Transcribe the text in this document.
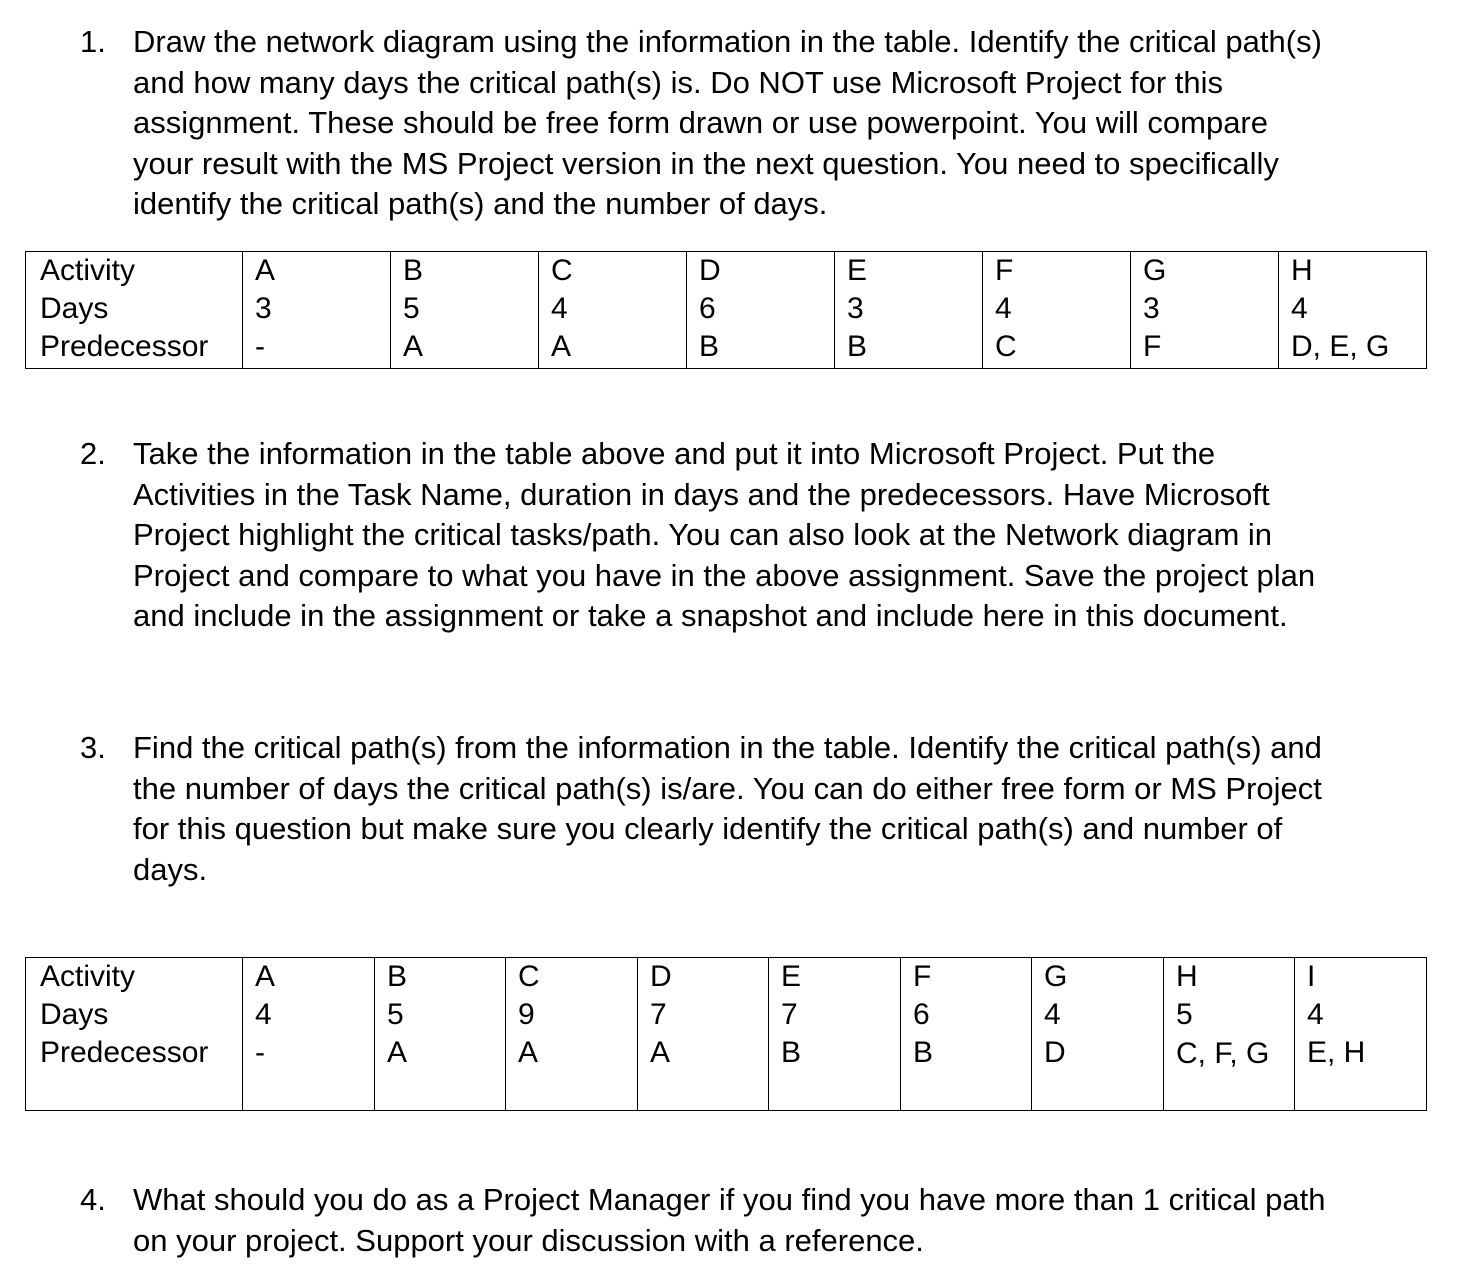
1. Draw the network diagram using the information in the table. Identify the critical path(s)
and how many days the critical path(s) is. Do NOT use Microsoft Project for this
assignment. These should be free form drawn or use powerpoint. You will compare
your result with the MS Project version in the next question. You need to specifically
identify the critical path(s) and the number of days.
Activity	A	B	C	D	E	F	G	H
Days	3	5	4	6	3	4	3	4
Predecessor	-	A	A	B	B	C	F	D, E, G
2. Take the information in the table above and put it into Microsoft Project. Put the
Activities in the Task Name, duration in days and the predecessors. Have Microsoft
Project highlight the critical tasks/path. You can also look at the Network diagram in
Project and compare to what you have in the above assignment. Save the project plan
and include in the assignment or take a snapshot and include here in this document.
3. Find the critical path(s) from the information in the table. Identify the critical path(s) and
the number of days the critical path(s) is/are. You can do either free form or MS Project
for this question but make sure you clearly identify the critical path(s) and number of
days.
Activity	A	B	C	D	E	F	G	H	I
Days	4	5	9	7	7	6	4	5	4
Predecessor	-	A	A	A	B	B	D	C, F, G	E, H
4. What should you do as a Project Manager if you find you have more than 1 critical path
on your project. Support your discussion with a reference.
